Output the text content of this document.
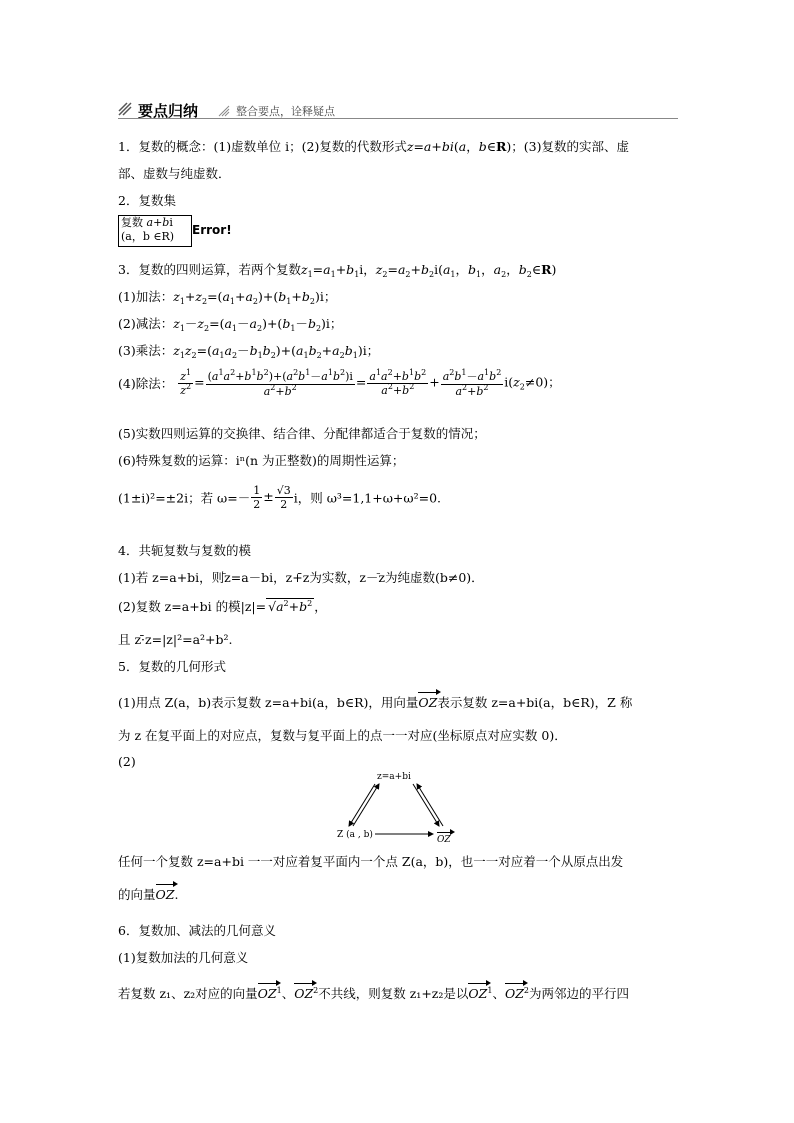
要点归纳	整合要点，诠释疑点
1．复数的概念：(1)虚数单位 i；(2)复数的代数形式z=a+bi(a，b∈R)；(3)复数的实部、虚
部、虚数与纯虚数．
2．复数集
复数 a+bi
(a，b ∈R)	Error!
3．复数的四则运算，若两个复数$z_1=a_1+b_1i$，$z_2=a_2+b_2i(a_1$，$b_1$，$a_2$，$b_2\in R$)
(1)加法：$z_1+z_2=(a_1+a_2)+(b_1+b_2)i$；
(2)减法：$z_1-z_2=(a_1-a_2)+(b_1-b_2)i$；
(3)乘法：$z_1z_2=(a_1a_2-b_1b_2)+(a_1b_2+a_2b_1)i$；
(4)除法： $\frac{z^1}{z^2} = \frac{(a^1a^2+b^1b^2)+(a^2b^1-a^1b^2)i}{a^2+b^2} = \frac{a^1a^2+b^1b^2}{a^2+b^2} + \frac{a^2b^1-a^1b^2}{a^2+b^2} i(z_2\ne 0)$；
(5)实数四则运算的交换律、结合律、分配律都适合于复数的情况；
(6)特殊复数的运算：iⁿ(n 为正整数)的周期性运算；
(1±i)²=±2i；若 $\omega=- \frac{1}{2} \pm \frac{√3}{2}$ i，则 ω³=1,1+ω+ω²=0.
4．共轭复数与复数的模
(1)若 z=a+bi，则̄z=a－bi，z+̄z为实数，z－̄z为纯虚数(b≠0)．
(2)复数 z=a+bi 的模$|z|= √a^2+b^2$ ，
且 z·̄z=|z|²=a²+b².
5．复数的几何形式
(1)用点 Z(a，b)表示复数 z=a+bi(a，b∈R)，用向量OZ表示复数 z=a+bi(a，b∈R)，Z 称
为 z 在复平面上的对应点，复数与复平面上的点一一对应(坐标原点对应实数 0)．
(2)
z=a+bi
Z (a , b)	OZ
任何一个复数 z=a+bi 一一对应着复平面内一个点 Z(a，b)，也一一对应着一个从原点出发
的向量OZ.
6．复数加、减法的几何意义
(1)复数加法的几何意义
若复数 z₁、z₂对应的向量$OZ^1$、$OZ^2$不共线，则复数 z₁+z₂是以$OZ^1$、$OZ^2$为两邻边的平行四
